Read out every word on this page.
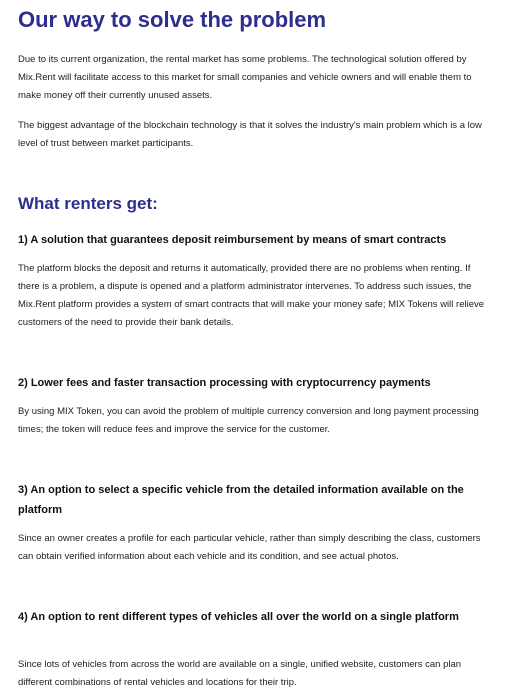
Our way to solve the problem

Due to its current organization, the rental market has some problems. The technological solution offered by Mix.Rent will facilitate access to this market for small companies and vehicle owners and will enable them to make money off their currently unused assets.

The biggest advantage of the blockchain technology is that it solves the industry's main problem which is a low level of trust between market participants.

What renters get:
1) A solution that guarantees deposit reimbursement by means of smart contracts

The platform blocks the deposit and returns it automatically, provided there are no problems when renting. If there is a problem, a dispute is opened and a platform administrator intervenes. To address such issues, the Mix.Rent platform provides a system of smart contracts that will make your money safe; MIX Tokens will relieve customers of the need to provide their bank details.

2) Lower fees and faster transaction processing with cryptocurrency payments

By using MIX Token, you can avoid the problem of multiple currency conversion and long payment processing times; the token will reduce fees and improve the service for the customer.

3) An option to select a specific vehicle from the detailed information available on the platform

Since an owner creates a profile for each particular vehicle, rather than simply describing the class, customers can obtain verified information about each vehicle and its condition, and see actual photos.

4) An option to rent different types of vehicles all over the world on a single platform

Since lots of vehicles from across the world are available on a single, unified website, customers can plan different combinations of rental vehicles and locations for their trip.
